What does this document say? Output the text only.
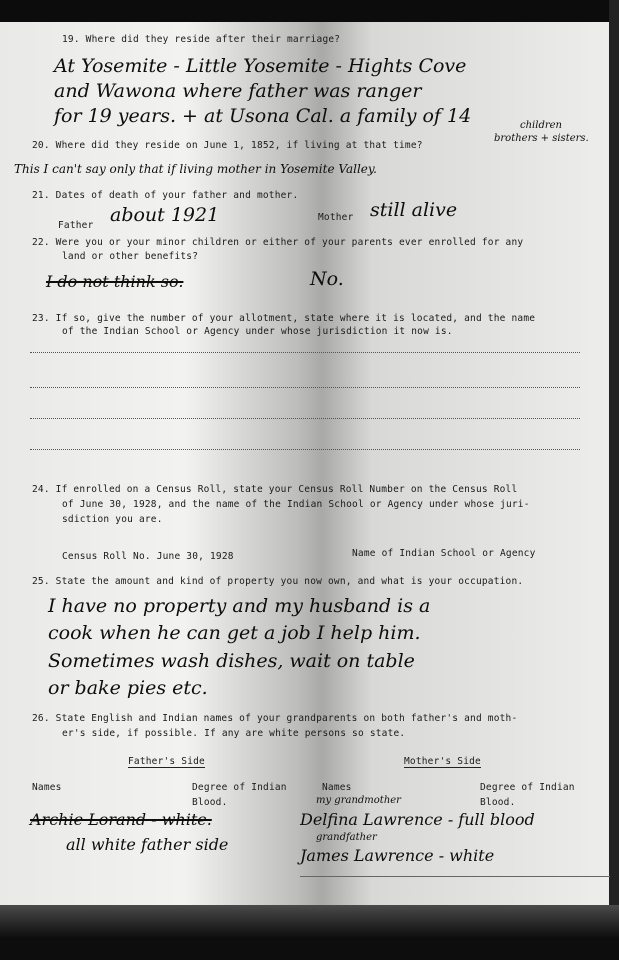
19. Where did they reside after their marriage?
At Yosemite - Little Yosemite - Hights Cove
and Wawona where father was ranger
for 19 years. + at Usona Cal. a family of 14	children
20. Where did they reside on June 1, 1852, if living at that time?
brothers + sisters.
This I can't say only that if living mother in Yosemite Valley.
21. Dates of death of your father and mother.
Father about 1921	Mother still alive
22. Were you or your minor children or either of your parents ever enrolled for any
land or other benefits?
I do not think so.	No.
23. If so, give the number of your allotment, state where it is located, and the name
of the Indian School or Agency under whose jurisdiction it now is.
24. If enrolled on a Census Roll, state your Census Roll Number on the Census Roll
of June 30, 1928, and the name of the Indian School or Agency under whose juri-
sdiction you are.
Census Roll No. June 30, 1928	Name of Indian School or Agency
25. State the amount and kind of property you now own, and what is your occupation.
I have no property and my husband is a
cook when he can get a job I help him.
Sometimes wash dishes, wait on table
or bake pies etc.
26. State English and Indian names of your grandparents on both father's and moth-
er's side, if possible. If any are white persons so state.
Father's Side	Mother's Side
Names	Degree of Indian
Blood.
Names	Degree of Indian
Blood.
my grandmother
Archie Lorand - white.	Delfina Lawrence - full blood
grandfather
all white father side
James Lawrence - white
